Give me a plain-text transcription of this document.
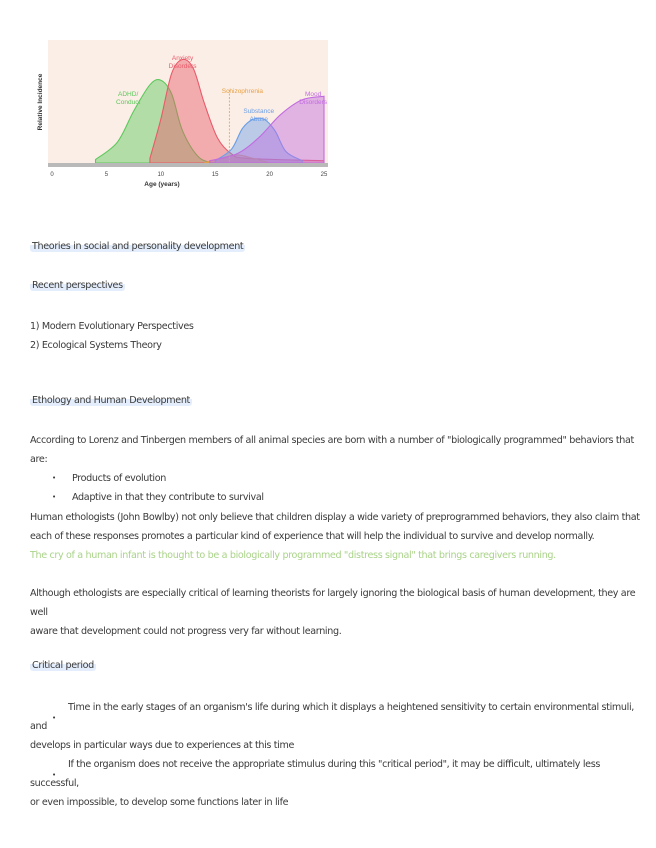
0	5	10	15	20	25
ADHD/ Conduct
Anxiety Disorders
Schizophrenia
Substance Abuse
Mood Disorders
Age (years)
Relative Incidence
Theories in social and personality development
Recent perspectives
1) Modern Evolutionary Perspectives
2) Ecological Systems Theory
Ethology and Human Development
According to Lorenz and Tinbergen members of all animal species are born with a number of "biologically programmed" behaviors that are:
• Products of evolution
• Adaptive in that they contribute to survival
Human ethologists (John Bowlby) not only believe that children display a wide variety of preprogrammed behaviors, they also claim that
each of these responses promotes a particular kind of experience that will help the individual to survive and develop normally.
The cry of a human infant is thought to be a biologically programmed "distress signal" that brings caregivers running.
Although ethologists are especially critical of learning theorists for largely ignoring the biological basis of human development, they are well
aware that development could not progress very far without learning.
Critical period
Time in the early stages of an organism's life during which it displays a heightened sensitivity to certain environmental stimuli, and
develops in particular ways due to experiences at this time
If the organism does not receive the appropriate stimulus during this "critical period", it may be difficult, ultimately less successful,
or even impossible, to develop some functions later in life
